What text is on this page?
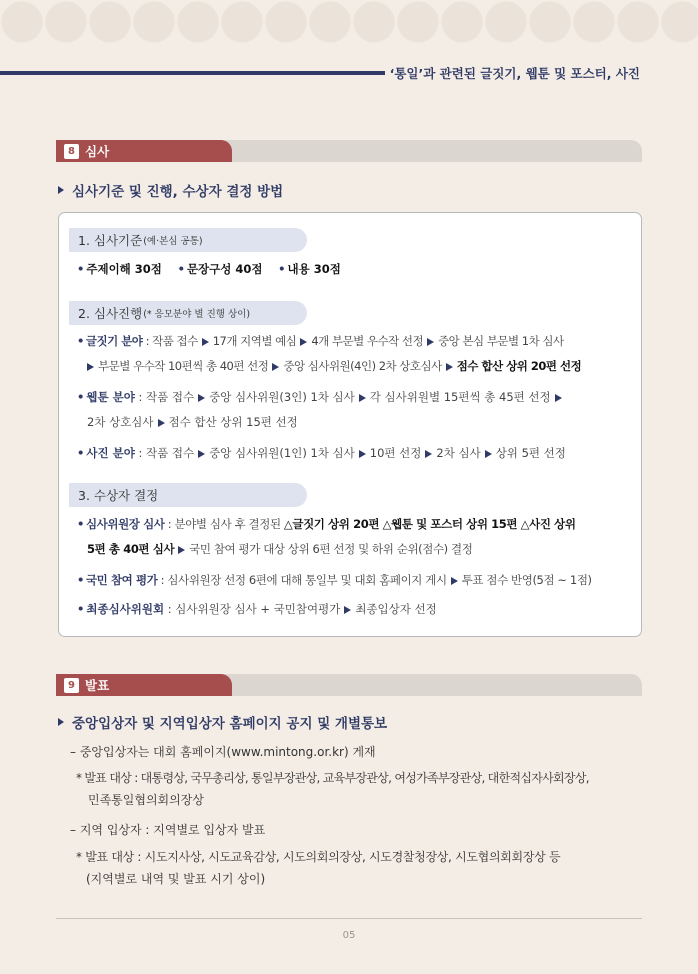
‘통일’과 관련된 글짓기, 웹툰 및 포스터, 사진
8 심사
심사기준 및 진행, 수상자 결정 방법
1. 심사기준 (예·본심 공통)
• 주제이해 30점 • 문장구성 40점 • 내용 30점
2. 심사진행 (* 응모분야 별 진행 상이)
• 글짓기 분야 : 작품 접수 17개 지역별 예심 4개 부문별 우수작 선정 중앙 본심 부문별 1차 심사
부문별 우수작 10편씩 총 40편 선정 중앙 심사위원(4인) 2차 상호심사 점수 합산 상위 20편 선정
• 웹툰 분야 : 작품 접수 중앙 심사위원(3인) 1차 심사 각 심사위원별 15편씩 총 45편 선정
2차 상호심사 점수 합산 상위 15편 선정
• 사진 분야 : 작품 접수 중앙 심사위원(1인) 1차 심사 10편 선정 2차 심사 상위 5편 선정
3. 수상자 결정
• 심사위원장 심사 : 분야별 심사 후 결정된 △글짓기 상위 20편 △웹툰 및 포스터 상위 15편 △사진 상위
5편 총 40편 심사 국민 참여 평가 대상 상위 6편 선정 및 하위 순위(점수) 결정
• 국민 참여 평가 : 심사위원장 선정 6편에 대해 통일부 및 대회 홈페이지 게시 투표 점수 반영(5점 ~ 1점)
• 최종심사위원회 : 심사위원장 심사 + 국민참여평가 최종입상자 선정
9 발표
중앙입상자 및 지역입상자 홈페이지 공지 및 개별통보
– 중앙입상자는 대회 홈페이지(www.mintong.or.kr) 게재
* 발표 대상 : 대통령상, 국무총리상, 통일부장관상, 교육부장관상, 여성가족부장관상, 대한적십자사회장상,
민족통일협의회의장상
– 지역 입상자 : 지역별로 입상자 발표
* 발표 대상 : 시도지사상, 시도교육감상, 시도의회의장상, 시도경찰청장상, 시도협의회회장상 등
(지역별로 내역 및 발표 시기 상이)
05
